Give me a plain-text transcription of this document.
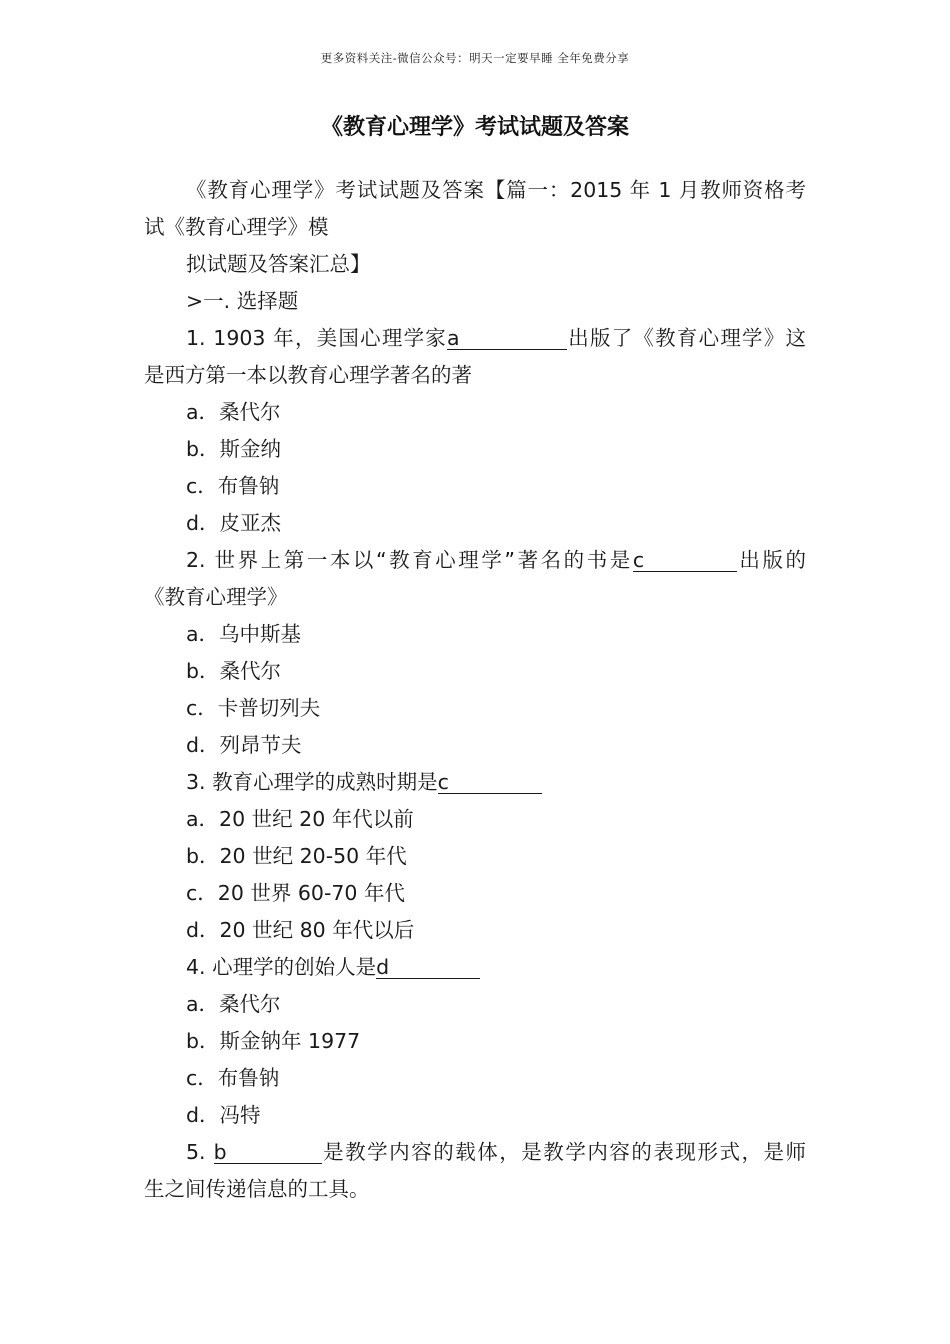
更多资料关注-微信公众号：明天一定要早睡 全年免费分享
《教育心理学》考试试题及答案
《教育心理学》考试试题及答案【篇一：2015 年 1 月教师资格考
试《教育心理学》模
拟试题及答案汇总】
>一. 选择题
1. 1903 年，美国心理学家a	出版了《教育心理学》这
是西方第一本以教育心理学著名的著
a．桑代尔
b．斯金纳
c．布鲁钠
d．皮亚杰
2. 世界上第一本以“教育心理学”著名的书是c	出版的
《教育心理学》
a．乌中斯基
b．桑代尔
c．卡普切列夫
d．列昂节夫
3. 教育心理学的成熟时期是c
a．20 世纪 20 年代以前
b．20 世纪 20-50 年代
c．20 世界 60-70 年代
d．20 世纪 80 年代以后
4. 心理学的创始人是d
a．桑代尔
b．斯金钠年 1977
c．布鲁钠
d．冯特
5. b	是教学内容的载体，是教学内容的表现形式，是师
生之间传递信息的工具。
